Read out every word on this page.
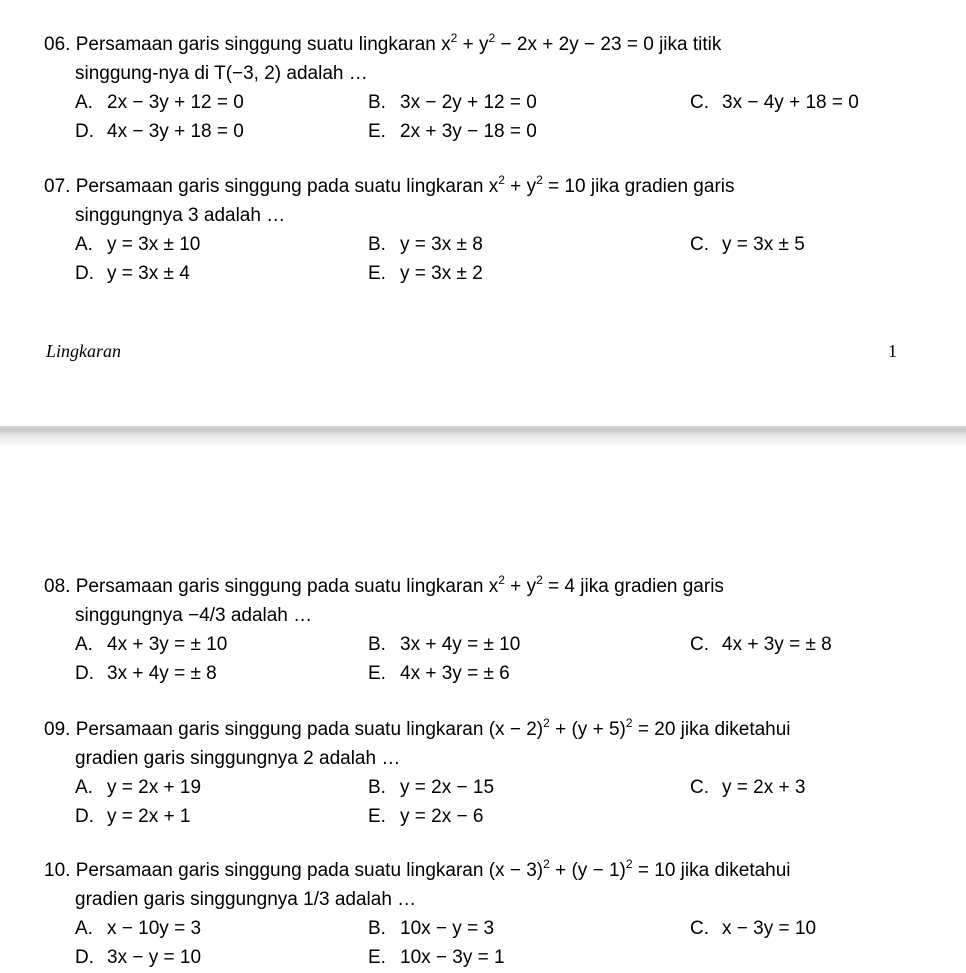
06. Persamaan garis singgung suatu lingkaran $x^2 + y^2 - 2x + 2y - 23 = 0$ jika titik
singgung-nya di T(−3, 2) adalah …
A. 2x − 3y + 12 = 0	B. 3x − 2y + 12 = 0	C. 3x − 4y + 18 = 0
D. 4x − 3y + 18 = 0	E. 2x + 3y − 18 = 0
07. Persamaan garis singgung pada suatu lingkaran $x^2 + y^2 = 10$ jika gradien garis
singgungnya 3 adalah …
A. y = 3x ± 10	B. y = 3x ± 8	C. y = 3x ± 5
D. y = 3x ± 4	E. y = 3x ± 2
Lingkaran	1
08. Persamaan garis singgung pada suatu lingkaran $x^2 + y^2 = 4$ jika gradien garis
singgungnya −4/3 adalah …
A. 4x + 3y = ± 10	B. 3x + 4y = ± 10	C. 4x + 3y = ± 8
D. 3x + 4y = ± 8	E. 4x + 3y = ± 6
09. Persamaan garis singgung pada suatu lingkaran $(x - 2)^2 + (y + 5)^2 = 20$ jika diketahui
gradien garis singgungnya 2 adalah …
A. y = 2x + 19	B. y = 2x − 15	C. y = 2x + 3
D. y = 2x + 1	E. y = 2x − 6
10. Persamaan garis singgung pada suatu lingkaran $(x - 3)^2 + (y - 1)^2 = 10$ jika diketahui
gradien garis singgungnya 1/3 adalah …
A. x − 10y = 3	B. 10x − y = 3	C. x − 3y = 10
D. 3x − y = 10	E. 10x − 3y = 1
